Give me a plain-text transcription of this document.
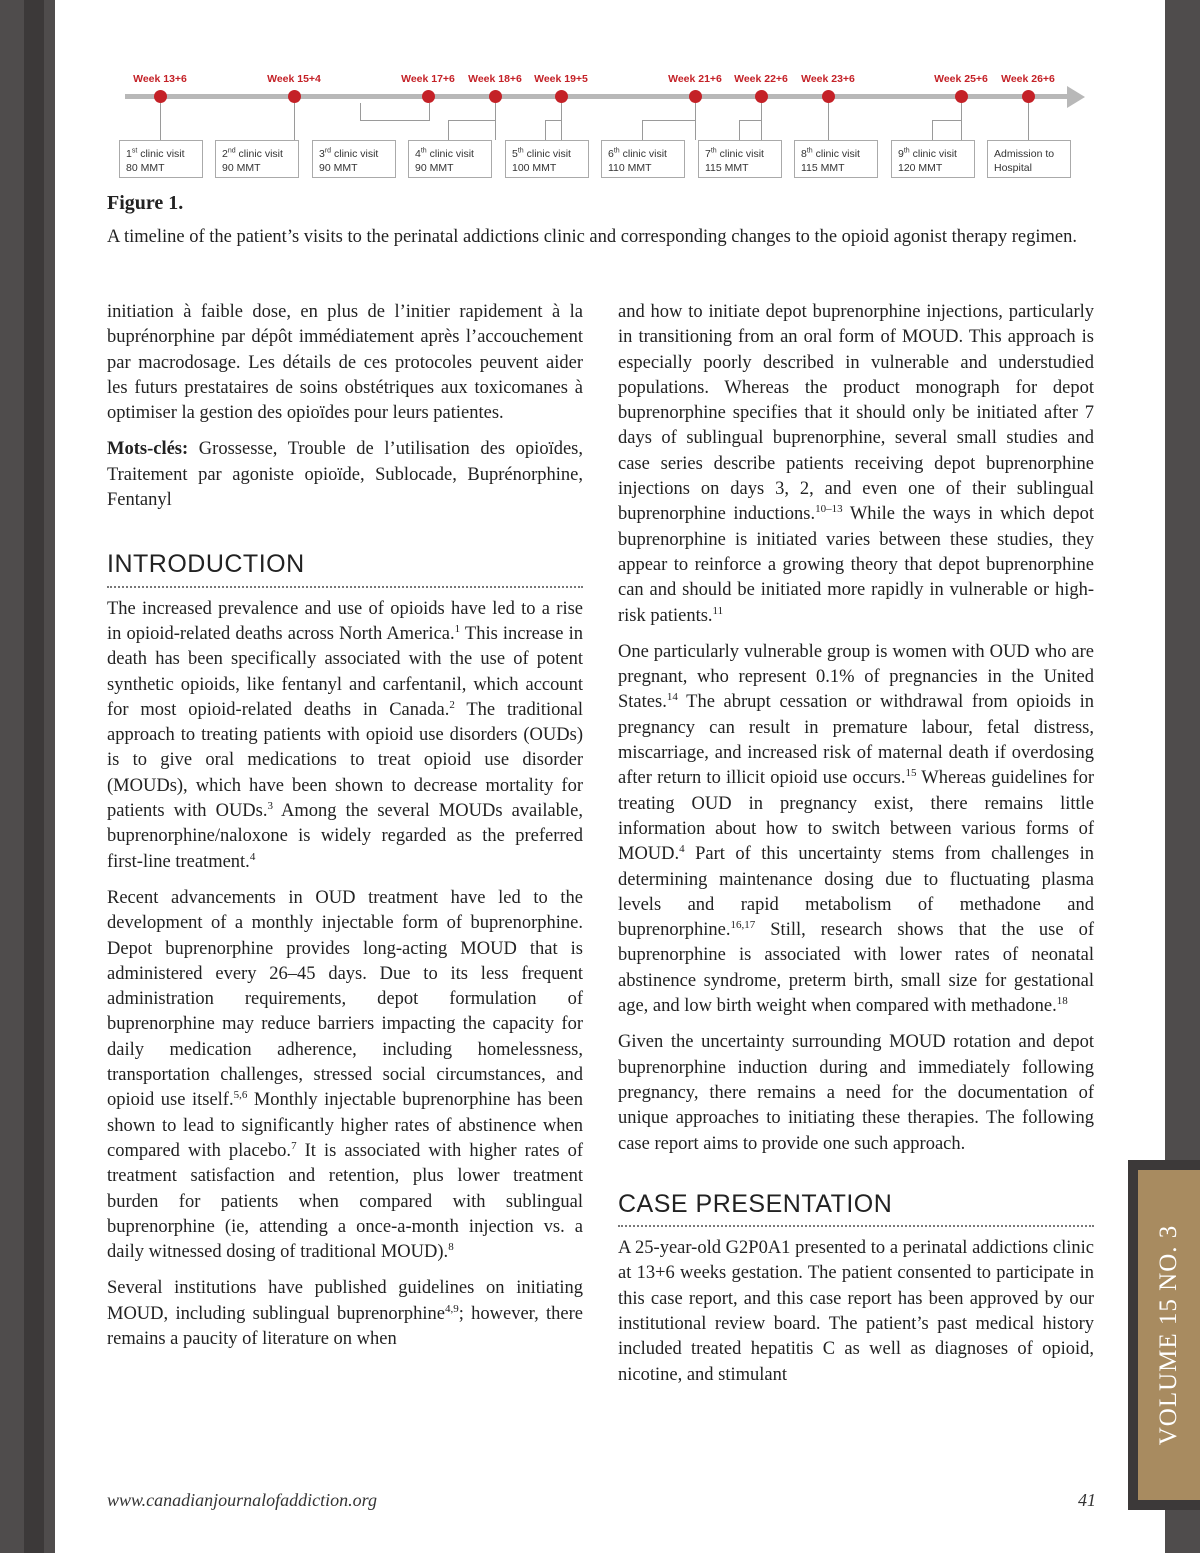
VOLUME 15 NO. 3
Week 13+6	Week 15+4	Week 17+6 Week 18+6 Week 19+5	Week 21+6 Week 22+6 Week 23+6	Week 25+6 Week 26+6
1st clinic visit
80 MMT
2nd clinic visit
90 MMT
3rd clinic visit
90 MMT
4th clinic visit
90 MMT
5th clinic visit
100 MMT
6th clinic visit
110 MMT
7th clinic visit
115 MMT
8th clinic visit
115 MMT
9th clinic visit
120 MMT
Admission to
Hospital
Figure 1.
A timeline of the patient’s visits to the perinatal addictions clinic and corresponding changes to the opioid agonist therapy regimen.

initiation à faible dose, en plus de l’initier rapidement à la buprénorphine par dépôt immédiatement après l’accouchement par macrodosage. Les détails de ces protocoles peuvent aider les futurs prestataires de soins obstétriques aux toxicomanes à optimiser la gestion des opioïdes pour leurs patientes.

Mots-clés: Grossesse, Trouble de l’utilisation des opioïdes, Traitement par agoniste opioïde, Sublocade, Buprénorphine, Fentanyl

INTRODUCTION

The increased prevalence and use of opioids have led to a rise in opioid-related deaths across North America.$^1$ This increase in death has been specifically associated with the use of potent synthetic opioids, like fentanyl and carfentanil, which account for most opioid-related deaths in Canada.$^2$ The traditional approach to treating patients with opioid use disorders (OUDs) is to give oral medications to treat opioid use disorder (MOUDs), which have been shown to decrease mortality for patients with OUDs.$^3$ Among the several MOUDs available, buprenorphine/naloxone is widely regarded as the preferred first-line treatment.$^4$

Recent advancements in OUD treatment have led to the development of a monthly injectable form of buprenorphine. Depot buprenorphine provides long-acting MOUD that is administered every 26–45 days. Due to its less frequent administration requirements, depot formulation of buprenorphine may reduce barriers impacting the capacity for daily medication adherence, including homelessness, transportation challenges, stressed social circumstances, and opioid use itself.$^{5,6}$ Monthly injectable buprenorphine has been shown to lead to significantly higher rates of abstinence when compared with placebo.$^7$ It is associated with higher rates of treatment satisfaction and retention, plus lower treatment burden for patients when compared with sublingual buprenorphine (ie, attending a once-a-month injection vs. a daily witnessed dosing of traditional MOUD).$^8$

Several institutions have published guidelines on initiating MOUD, including sublingual buprenorphine$^{4,9}$; however, there remains a paucity of literature on when

and how to initiate depot buprenorphine injections, particularly in transitioning from an oral form of MOUD. This approach is especially poorly described in vulnerable and understudied populations. Whereas the product monograph for depot buprenorphine specifies that it should only be initiated after 7 days of sublingual buprenorphine, several small studies and case series describe patients receiving depot buprenorphine injections on days 3, 2, and even one of their sublingual buprenorphine inductions.$^{10-13}$ While the ways in which depot buprenorphine is initiated varies between these studies, they appear to reinforce a growing theory that depot buprenorphine can and should be initiated more rapidly in vulnerable or high-risk patients.$^{11}$

One particularly vulnerable group is women with OUD who are pregnant, who represent 0.1% of pregnancies in the United States.$^{14}$ The abrupt cessation or withdrawal from opioids in pregnancy can result in premature labour, fetal distress, miscarriage, and increased risk of maternal death if overdosing after return to illicit opioid use occurs.$^{15}$ Whereas guidelines for treating OUD in pregnancy exist, there remains little information about how to switch between various forms of MOUD.$^4$ Part of this uncertainty stems from challenges in determining maintenance dosing due to fluctuating plasma levels and rapid metabolism of methadone and buprenorphine.$^{16,17}$ Still, research shows that the use of buprenorphine is associated with lower rates of neonatal abstinence syndrome, preterm birth, small size for gestational age, and low birth weight when compared with methadone.$^{18}$

Given the uncertainty surrounding MOUD rotation and depot buprenorphine induction during and immediately following pregnancy, there remains a need for the documentation of unique approaches to initiating these therapies. The following case report aims to provide one such approach.

CASE PRESENTATION

A 25-year-old G2P0A1 presented to a perinatal addictions clinic at 13+6 weeks gestation. The patient consented to participate in this case report, and this case report has been approved by our institutional review board. The patient’s past medical history included treated hepatitis C as well as diagnoses of opioid, nicotine, and stimulant

www.canadianjournalofaddiction.org	41
